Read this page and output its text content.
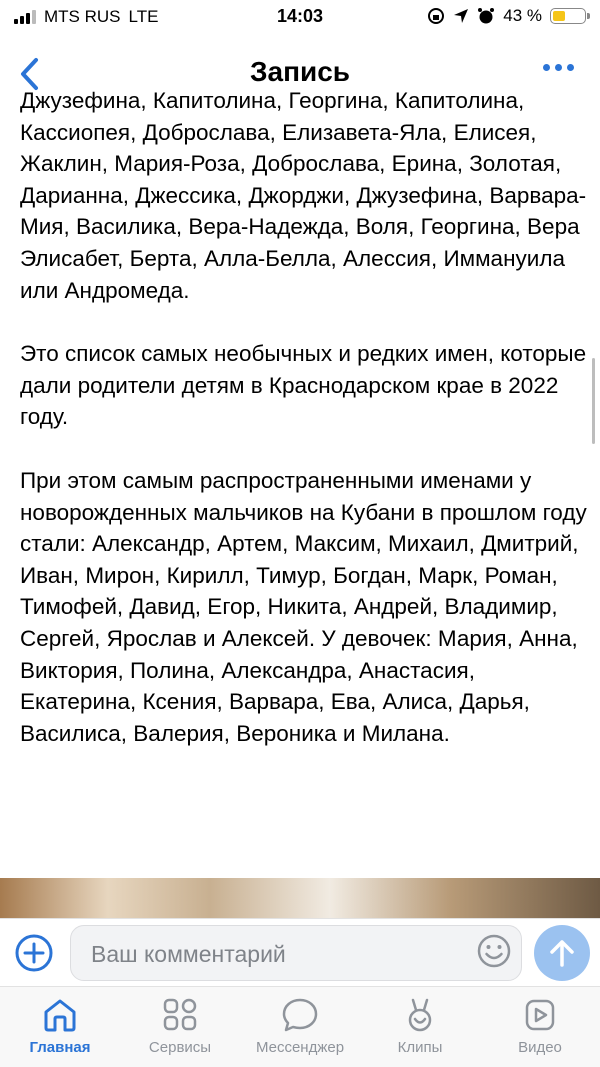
MTS RUS LTE	14:03	43 %
Запись

Джузефина, Капитолина, Георгина, Капитолина, Кассиопея, Доброслава, Елизавета-Яла, Елисея, Жаклин, Мария-Роза, Доброслава, Ерина, Золотая, Дарианна, Джессика, Джорджи, Джузефина, Варвара-Мия, Василика, Вера-Надежда, Воля, Георгина, Вера Элисабет, Берта, Алла-Белла, Алессия, Иммануила или Андромеда.

Это список самых необычных и редких имен, которые дали родители детям в Краснодарском крае в 2022 году.

При этом самым распространенными именами у новорожденных мальчиков на Кубани в прошлом году стали: Александр, Артем, Максим, Михаил, Дмитрий, Иван, Мирон, Кирилл, Тимур, Богдан, Марк, Роман, Тимофей, Давид, Егор, Никита, Андрей, Владимир, Сергей, Ярослав и Алексей. У девочек: Мария, Анна, Виктория, Полина, Александра, Анастасия, Екатерина, Ксения, Варвара, Ева, Алиса, Дарья, Василиса, Валерия, Вероника и Милана.

Ваш комментарий
Главная	Сервисы	Мессенджер	Клипы	Видео
